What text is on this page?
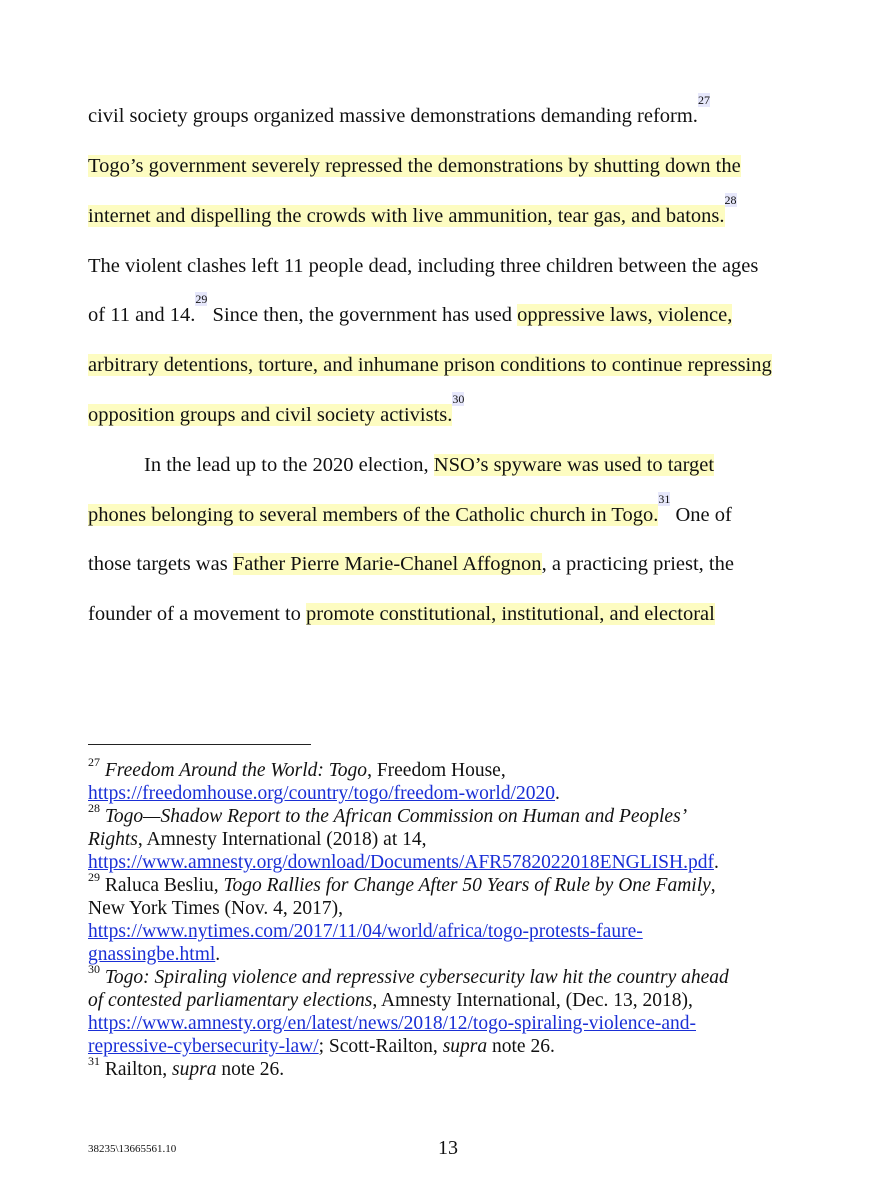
civil society groups organized massive demonstrations demanding reform.$^{27}$
Togo’s government severely repressed the demonstrations by shutting down the
internet and dispelling the crowds with live ammunition, tear gas, and batons.$^{28}$
The violent clashes left 11 people dead, including three children between the ages
of 11 and 14.29 Since then, the government has used oppressive laws, violence,
arbitrary detentions, torture, and inhumane prison conditions to continue repressing
opposition groups and civil society activists.$^{30}$
In the lead up to the 2020 election, NSO’s spyware was used to target
phones belonging to several members of the Catholic church in Togo.$^{31}$ One of
those targets was Father Pierre Marie-Chanel Affognon, a practicing priest, the
founder of a movement to promote constitutional, institutional, and electoral
$^{27}$ Freedom Around the World: Togo, Freedom House,
https://freedomhouse.org/country/togo/freedom-world/2020.
$^{28}$ Togo—Shadow Report to the African Commission on Human and Peoples’
Rights, Amnesty International (2018) at 14,
https://www.amnesty.org/download/Documents/AFR5782022018ENGLISH.pdf.
$^{29}$ Raluca Besliu, Togo Rallies for Change After 50 Years of Rule by One Family,
New York Times (Nov. 4, 2017),
https://www.nytimes.com/2017/11/04/world/africa/togo-protests-faure-
gnassingbe.html.
$^{30}$ Togo: Spiraling violence and repressive cybersecurity law hit the country ahead
of contested parliamentary elections, Amnesty International, (Dec. 13, 2018),
https://www.amnesty.org/en/latest/news/2018/12/togo-spiraling-violence-and-
repressive-cybersecurity-law/; Scott-Railton, supra note 26.
$^{31}$ Railton, supra note 26.
38235\13665561.10	13
